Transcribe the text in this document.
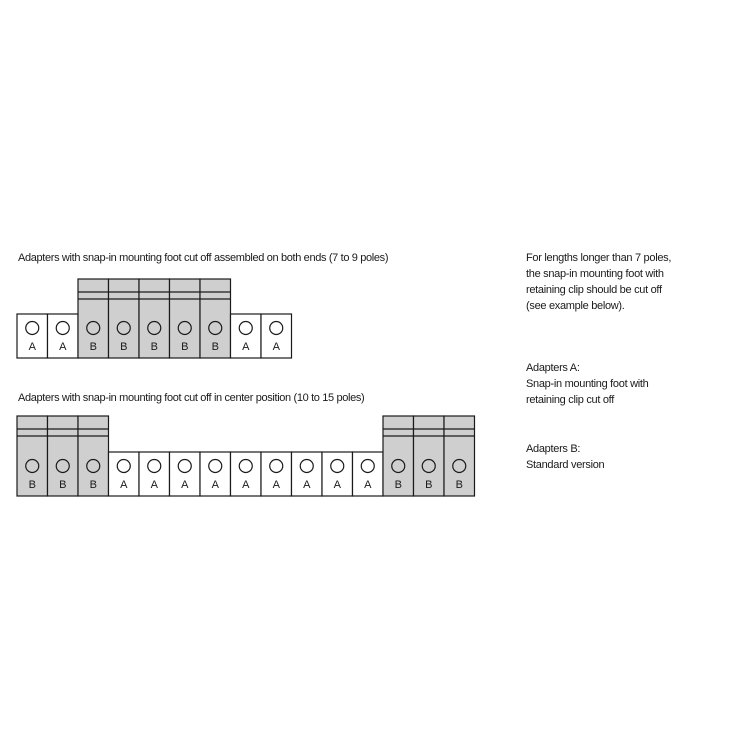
Adapters with snap-in mounting foot cut off assembled on both ends (7 to 9 poles)
Adapters with snap-in mounting foot cut off in center position (10 to 15 poles)
For lengths longer than 7 poles,
the snap-in mounting foot with
retaining clip should be cut off
(see example below).
Adapters A:
Snap-in mounting foot with
retaining clip cut off
Adapters B:
Standard version
A A B B B B B A A
B B B A A A A A A A A A B B B
